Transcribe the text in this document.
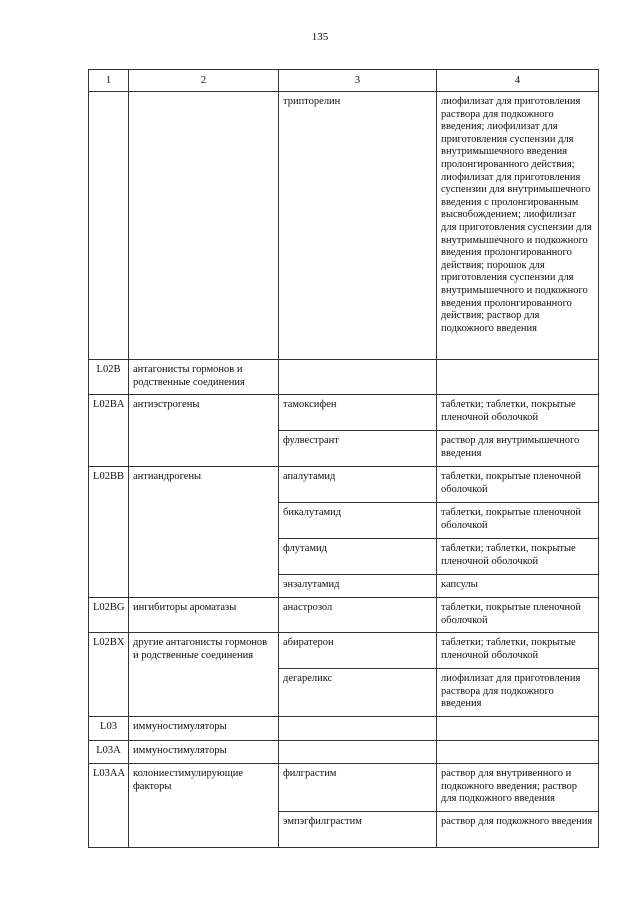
135
1	2	3	4
		трипторелин	лиофилизат для приготовления раствора для подкожного введения; лиофилизат для приготовления суспензии для внутримышечного введения пролонгированного действия; лиофилизат для приготовления суспензии для внутримышечного введения с пролонгированным высвобождением; лиофилизат для приготовления суспензии для внутримышечного и подкожного введения пролонгированного действия; порошок для приготовления суспензии для внутримышечного и подкожного введения пролонгированного действия; раствор для подкожного введения
L02B	антагонисты гормонов и родственные соединения		
L02BA	антиэстрогены	тамоксифен	таблетки; таблетки, покрытые пленочной оболочкой
		фулвестрант	раствор для внутримышечного введения
L02BB	антиандрогены	апалутамид	таблетки, покрытые пленочной оболочкой
		бикалутамид	таблетки, покрытые пленочной оболочкой
		флутамид	таблетки; таблетки, покрытые пленочной оболочкой
		энзалутамид	капсулы
L02BG	ингибиторы ароматазы	анастрозол	таблетки, покрытые пленочной оболочкой
L02BX	другие антагонисты гормонов и родственные соединения	абиратерон	таблетки; таблетки, покрытые пленочной оболочкой
		дегареликс	лиофилизат для приготовления раствора для подкожного введения
L03	иммуностимуляторы		
L03A	иммуностимуляторы		
L03AA	колониестимулирующие факторы	филграстим	раствор для внутривенного и подкожного введения; раствор для подкожного введения
		эмпэгфилграстим	раствор для подкожного введения
